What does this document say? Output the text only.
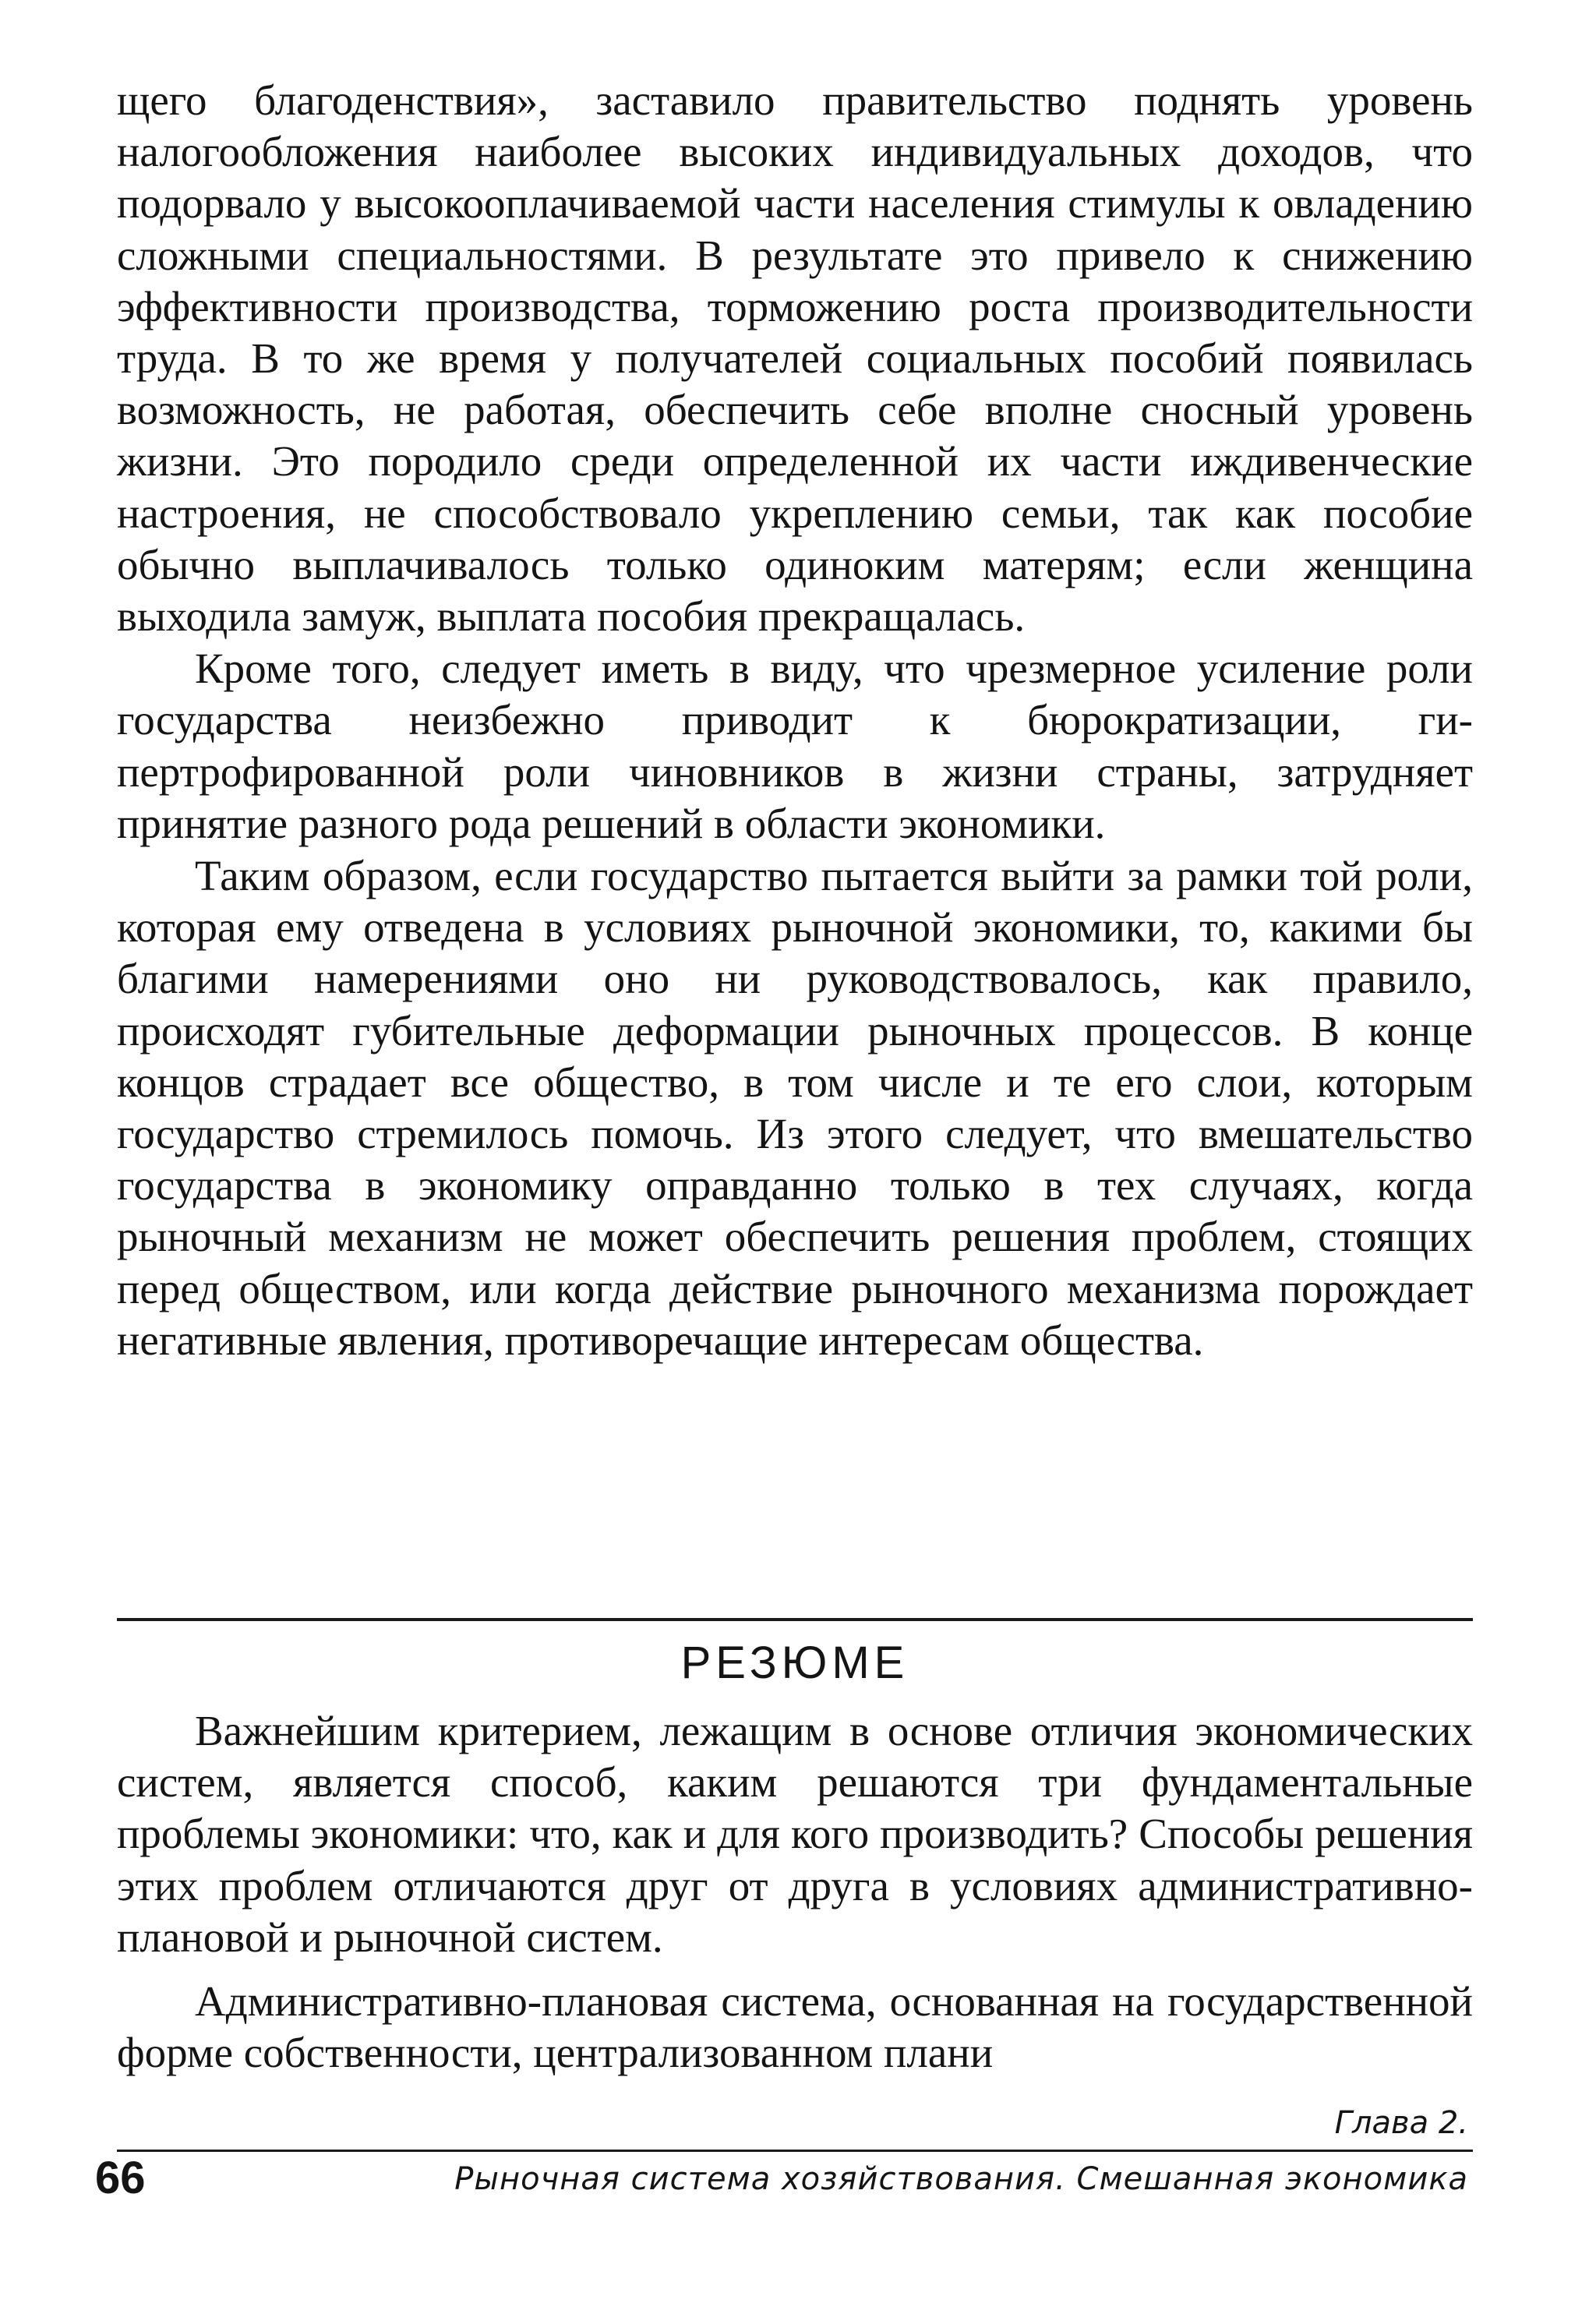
щего благоденствия», заставило правительство поднять уровень налогообложения наиболее высоких индивидуальных доходов, что подорвало у высокооплачиваемой части населения стимулы к овладению сложными специальностями. В результате это привело к снижению эффективности производства, торможению роста производительности труда. В то же время у получателей социальных пособий появилась возможность, не работая, обеспечить себе вполне сносный уровень жизни. Это породило среди определенной их части иждивенческие настроения, не способствовало укреплению семьи, так как пособие обычно выплачивалось только одиноким матерям; если женщина выходила замуж, выплата пособия прекращалась.

Кроме того, следует иметь в виду, что чрезмерное усиление роли государства неизбежно приводит к бюрократизации, гипертрофированной роли чиновников в жизни страны, затрудняет принятие разного рода решений в области экономики.

Таким образом, если государство пытается выйти за рамки той роли, которая ему отведена в условиях рыночной экономики, то, какими бы благими намерениями оно ни руководствовалось, как правило, происходят губительные деформации рыночных процессов. В конце концов страдает все общество, в том числе и те его слои, которым государство стремилось помочь. Из этого следует, что вмешательство государства в экономику оправданно только в тех случаях, когда рыночный механизм не может обеспечить решения проблем, стоящих перед обществом, или когда действие рыночного механизма порождает негативные явления, противоречащие интересам общества.

РЕЗЮМЕ

Важнейшим критерием, лежащим в основе отличия экономических систем, является способ, каким решаются три фундаментальные проблемы экономики: что, как и для кого производить? Способы решения этих проблем отличаются друг от друга в условиях административно-плановой и рыночной систем.

Административно-плановая система, основанная на государственной форме собственности, централизованном плани

Глава 2.
66	Рыночная система хозяйствования. Смешанная экономика
